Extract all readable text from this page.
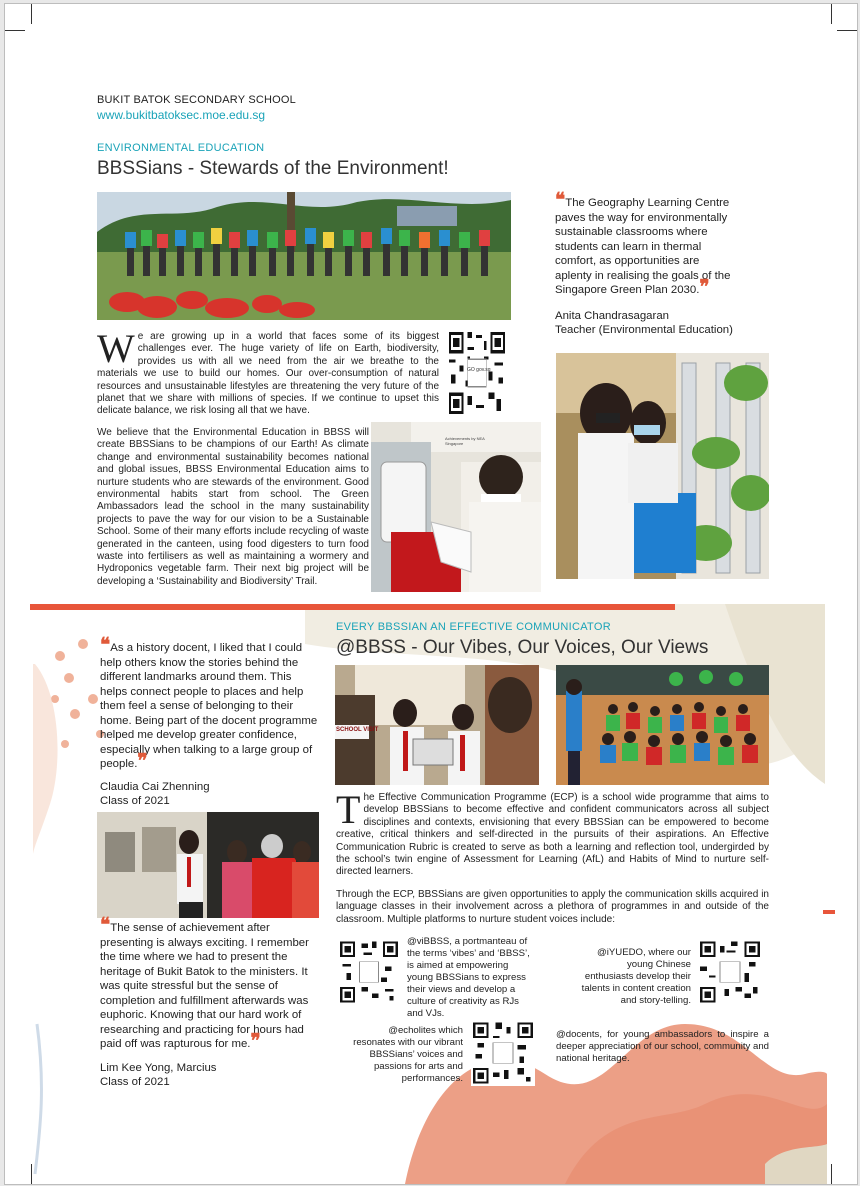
BUKIT BATOK SECONDARY SCHOOL
www.bukitbatoksec.moe.edu.sg
ENVIRONMENTAL EDUCATION
BBSSians - Stewards of the Environment!
❝The Geography Learning Centre paves the way for environmentally sustainable classrooms where students can learn in thermal comfort, as opportunities are aplenty in realising the goals of the Singapore Green Plan 2030.❞
Anita Chandrasagaran
Teacher (Environmental Education)
We are growing up in a world that faces some of its biggest challenges ever. The huge variety of life on Earth, biodiversity, provides us with all we need from the air we breathe to the materials we use to build our homes. Our over-consumption of natural resources and unsustainable lifestyles are threatening the very future of the planet that we share with millions of species. If we continue to upset this delicate balance, we risk losing all that we have.
GO gov.sg
We believe that the Environmental Education in BBSS will create BBSSians to be champions of our Earth! As climate change and environmental sustainability becomes national and global issues, BBSS Environmental Education aims to nurture students who are stewards of the environment. Good environmental habits start from school. The Green Ambassadors lead the school in the many sustainability projects to pave the way for our vision to be a Sustainable School. Some of their many efforts include recycling of waste generated in the canteen, using food digesters to turn food waste into fertilisers as well as maintaining a wormery and Hydroponics vegetable farm. Their next big project will be developing a ‘Sustainability and Biodiversity’ Trail.
Achievements by NEA Singapore
EVERY BBSSIAN AN EFFECTIVE COMMUNICATOR
@BBSS - Our Vibes, Our Voices, Our Views
❝As a history docent, I liked that I could help others know the stories behind the different landmarks around them. This helps connect people to places and help them feel a sense of belonging to their home. Being part of the docent programme helped me develop greater confidence, especially when talking to a large group of people.❞
Claudia Cai Zhenning
Class of 2021
❝The sense of achievement after presenting is always exciting. I remember the time where we had to present the heritage of Bukit Batok to the ministers. It was quite stressful but the sense of completion and fulfillment afterwards was euphoric. Knowing that our hard work of researching and practicing for hours had paid off was rapturous for me.❞
Lim Kee Yong, Marcius
Class of 2021
SCHOOL VISIT
The Effective Communication Programme (ECP) is a school wide programme that aims to develop BBSSians to become effective and confident communicators across all subject disciplines and contexts, envisioning that every BBSSian can be empowered to become creative, critical thinkers and self-directed in the pursuits of their aspirations. An Effective Communication Rubric is created to serve as both a learning and reflection tool, undergirded by the school’s twin engine of Assessment for Learning (AfL) and Habits of Mind to nurture self-directed learners.
Through the ECP, BBSSians are given opportunities to apply the communication skills acquired in language classes in their involvement across a plethora of programmes in and outside of the classroom. Multiple platforms to nurture student voices include:
@viBBSS, a portmanteau of the terms ‘vibes’ and ‘BBSS’, is aimed at empowering young BBSSians to express their views and develop a culture of creativity as RJs and VJs.
@iYUEDO, where our young Chinese enthusiasts develop their talents in content creation and story-telling.
@echolites which resonates with our vibrant BBSSians’ voices and passions for arts and performances.
@docents, for young ambassadors to inspire a deeper appreciation of our school, community and national heritage.
